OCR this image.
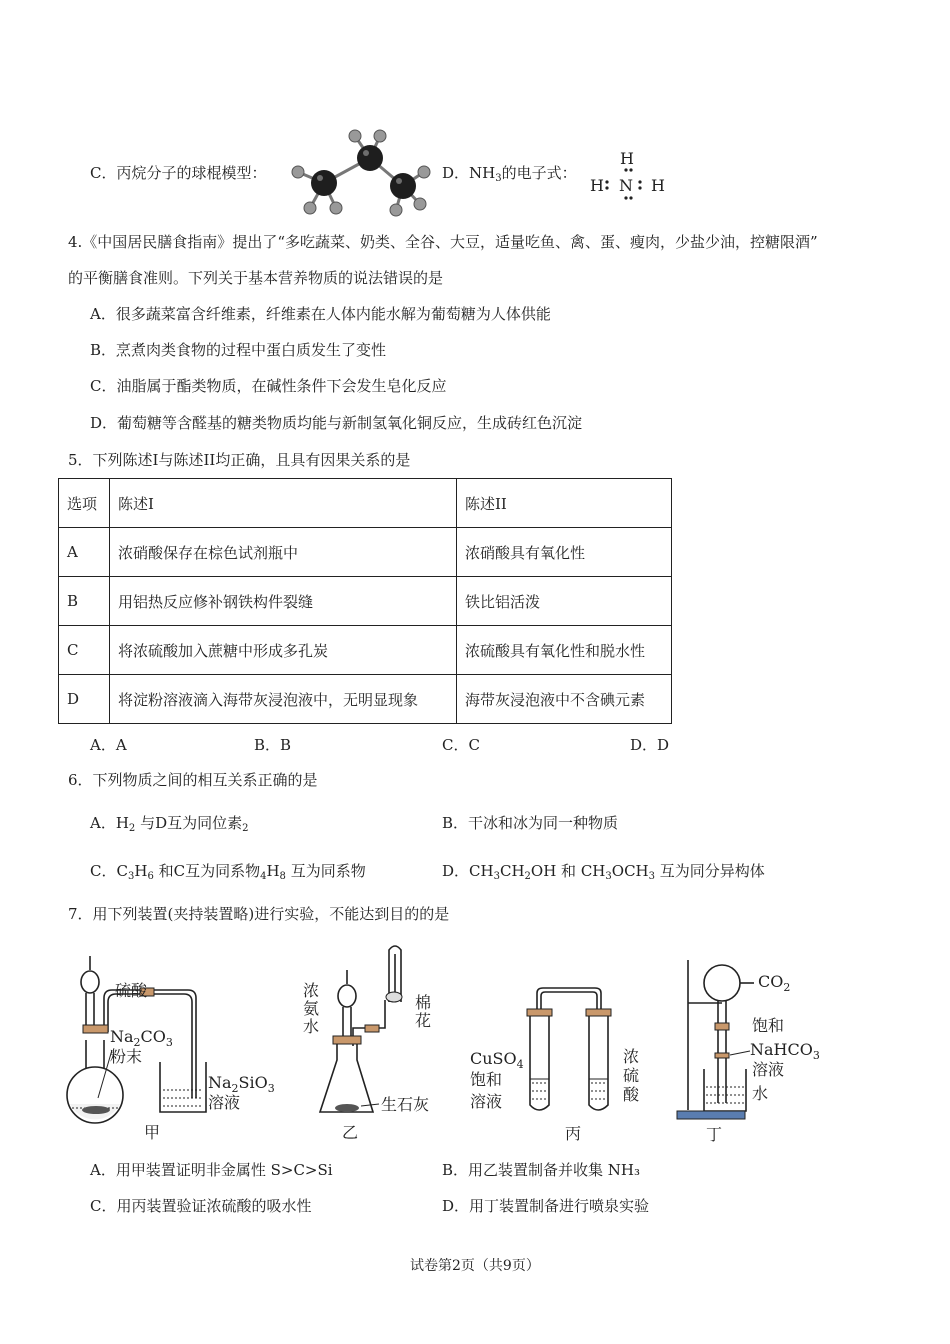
C．丙烷分子的球棍模型：	D．$NH_3$的电子式：
H
H N H
4.《中国居民膳食指南》提出了“多吃蔬菜、奶类、全谷、大豆，适量吃鱼、禽、蛋、瘦肉，少盐少油，控糖限酒”
的平衡膳食准则。下列关于基本营养物质的说法错误的是
A．很多蔬菜富含纤维素，纤维素在人体内能水解为葡萄糖为人体供能
B．烹煮肉类食物的过程中蛋白质发生了变性
C．油脂属于酯类物质，在碱性条件下会发生皂化反应
D．葡萄糖等含醛基的糖类物质均能与新制氢氧化铜反应，生成砖红色沉淀
5．下列陈述I与陈述II均正确，且具有因果关系的是
选项	陈述I	陈述II
A	浓硝酸保存在棕色试剂瓶中	浓硝酸具有氧化性
B	用铝热反应修补钢铁构件裂缝	铁比铝活泼
C	将浓硫酸加入蔗糖中形成多孔炭	浓硫酸具有氧化性和脱水性
D	将淀粉溶液滴入海带灰浸泡液中，无明显现象	海带灰浸泡液中不含碘元素
A．A	B．B	C．C	D．D
6．下列物质之间的相互关系正确的是
A．$H_2$ 与D互为同位素$_2$	B．干冰和冰为同一种物质
C．$C_3H_6$ 和C互为同系物$_4H_8$ 互为同系物	D．$CH_3CH_2OH$ 和 $CH_3OCH_3$ 互为同分异构体
7．用下列装置(夹持装置略)进行实验，不能达到目的的是
硫酸
$Na_2CO_3$
粉末
$Na_2SiO_3$
溶液
甲
浓
氨
水
棉
花
生石灰
乙
CuSO$_4$
饱和
溶液
浓
硫
酸
丙
$CO_2$
饱和
NaHCO$_3$
溶液
水
丁
A．用甲装置证明非金属性 S>C>Si	B．用乙装置制备并收集 NH₃
C．用丙装置验证浓硫酸的吸水性	D．用丁装置制备进行喷泉实验
试卷第2页（共9页）
